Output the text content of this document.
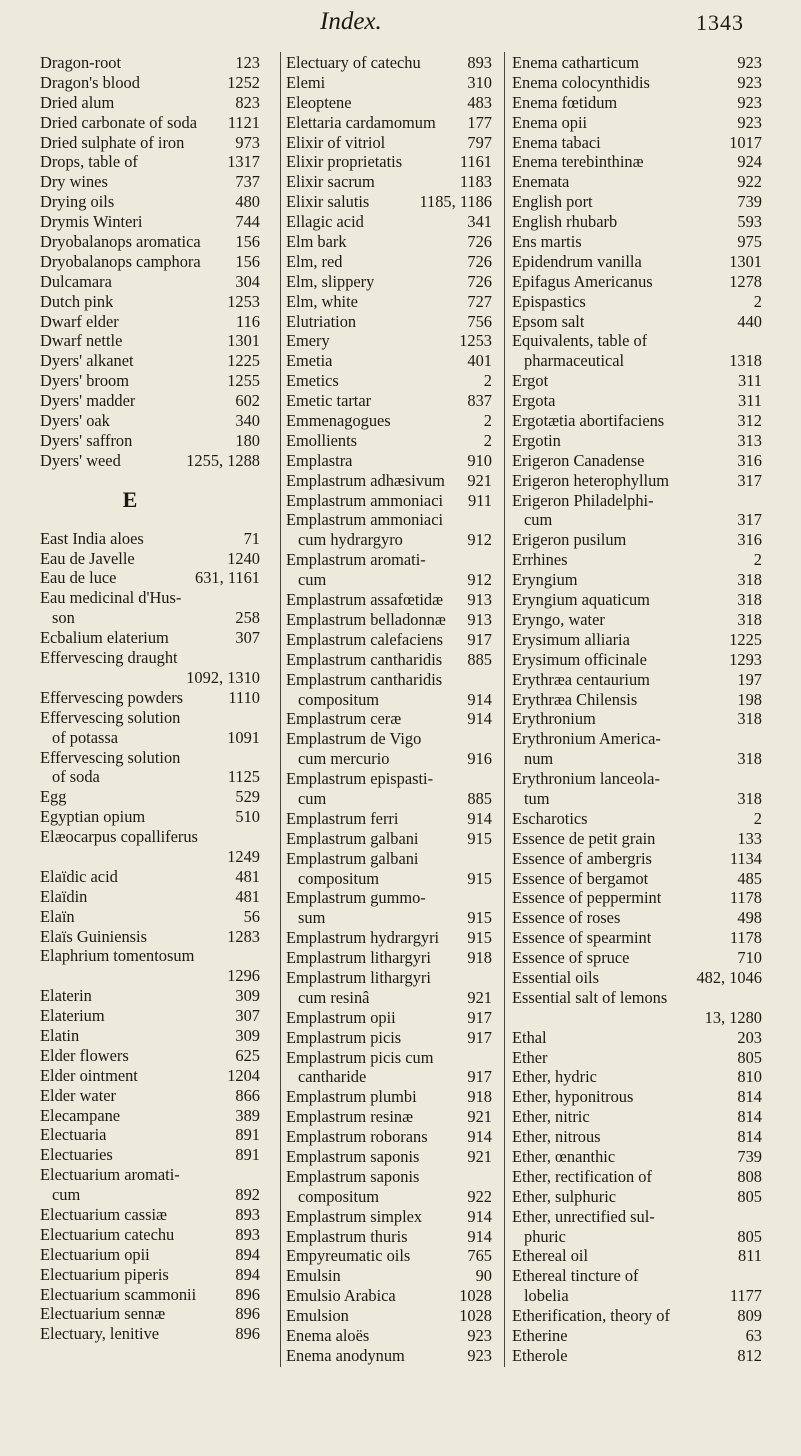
Index.	1343
Dragon-root	123
Dragon's blood	1252
Dried alum	823
Dried carbonate of soda	1121
Dried sulphate of iron	973
Drops, table of	1317
Dry wines	737
Drying oils	480
Drymis Winteri	744
Dryobalanops aromatica	156
Dryobalanops camphora	156
Dulcamara	304
Dutch pink	1253
Dwarf elder	116
Dwarf nettle	1301
Dyers' alkanet	1225
Dyers' broom	1255
Dyers' madder	602
Dyers' oak	340
Dyers' saffron	180
Dyers' weed	1255, 1288
E
East India aloes	71
Eau de Javelle	1240
Eau de luce	631, 1161
Eau medicinal d'Hus-
son	258
Ecbalium elaterium	307
Effervescing draught
1092, 1310
Effervescing powders	1110
Effervescing solution
of potassa	1091
Effervescing solution
of soda	1125
Egg	529
Egyptian opium	510
Elæocarpus copalliferus
1249
Elaïdic acid	481
Elaïdin	481
Elaïn	56
Elaïs Guiniensis	1283
Elaphrium tomentosum
1296
Elaterin	309
Elaterium	307
Elatin	309
Elder flowers	625
Elder ointment	1204
Elder water	866
Elecampane	389
Electuaria	891
Electuaries	891
Electuarium aromati-
cum	892
Electuarium cassiæ	893
Electuarium catechu	893
Electuarium opii	894
Electuarium piperis	894
Electuarium scammonii	896
Electuarium sennæ	896
Electuary, lenitive	896
Electuary of catechu	893
Elemi	310
Eleoptene	483
Elettaria cardamomum	177
Elixir of vitriol	797
Elixir proprietatis	1161
Elixir sacrum	1183
Elixir salutis	1185, 1186
Ellagic acid	341
Elm bark	726
Elm, red	726
Elm, slippery	726
Elm, white	727
Elutriation	756
Emery	1253
Emetia	401
Emetics	2
Emetic tartar	837
Emmenagogues	2
Emollients	2
Emplastra	910
Emplastrum adhæsivum	921
Emplastrum ammoniaci	911
Emplastrum ammoniaci
cum hydrargyro	912
Emplastrum aromati-
cum	912
Emplastrum assafœtidæ	913
Emplastrum belladonnæ	913
Emplastrum calefaciens	917
Emplastrum cantharidis	885
Emplastrum cantharidis
compositum	914
Emplastrum ceræ	914
Emplastrum de Vigo
cum mercurio	916
Emplastrum epispasti-
cum	885
Emplastrum ferri	914
Emplastrum galbani	915
Emplastrum galbani
compositum	915
Emplastrum gummo-
sum	915
Emplastrum hydrargyri	915
Emplastrum lithargyri	918
Emplastrum lithargyri
cum resinâ	921
Emplastrum opii	917
Emplastrum picis	917
Emplastrum picis cum
cantharide	917
Emplastrum plumbi	918
Emplastrum resinæ	921
Emplastrum roborans	914
Emplastrum saponis	921
Emplastrum saponis
compositum	922
Emplastrum simplex	914
Emplastrum thuris	914
Empyreumatic oils	765
Emulsin	90
Emulsio Arabica	1028
Emulsion	1028
Enema aloës	923
Enema anodynum	923
Enema catharticum	923
Enema colocynthidis	923
Enema fœtidum	923
Enema opii	923
Enema tabaci	1017
Enema terebinthinæ	924
Enemata	922
English port	739
English rhubarb	593
Ens martis	975
Epidendrum vanilla	1301
Epifagus Americanus	1278
Epispastics	2
Epsom salt	440
Equivalents, table of
pharmaceutical	1318
Ergot	311
Ergota	311
Ergotætia abortifaciens	312
Ergotin	313
Erigeron Canadense	316
Erigeron heterophyllum	317
Erigeron Philadelphi-
cum	317
Erigeron pusilum	316
Errhines	2
Eryngium	318
Eryngium aquaticum	318
Eryngo, water	318
Erysimum alliaria	1225
Erysimum officinale	1293
Erythræa centaurium	197
Erythræa Chilensis	198
Erythronium	318
Erythronium America-
num	318
Erythronium lanceola-
tum	318
Escharotics	2
Essence de petit grain	133
Essence of ambergris	1134
Essence of bergamot	485
Essence of peppermint	1178
Essence of roses	498
Essence of spearmint	1178
Essence of spruce	710
Essential oils	482, 1046
Essential salt of lemons
13, 1280
Ethal	203
Ether	805
Ether, hydric	810
Ether, hyponitrous	814
Ether, nitric	814
Ether, nitrous	814
Ether, œnanthic	739
Ether, rectification of	808
Ether, sulphuric	805
Ether, unrectified sul-
phuric	805
Ethereal oil	811
Ethereal tincture of
lobelia	1177
Etherification, theory of	809
Etherine	63
Etherole	812
